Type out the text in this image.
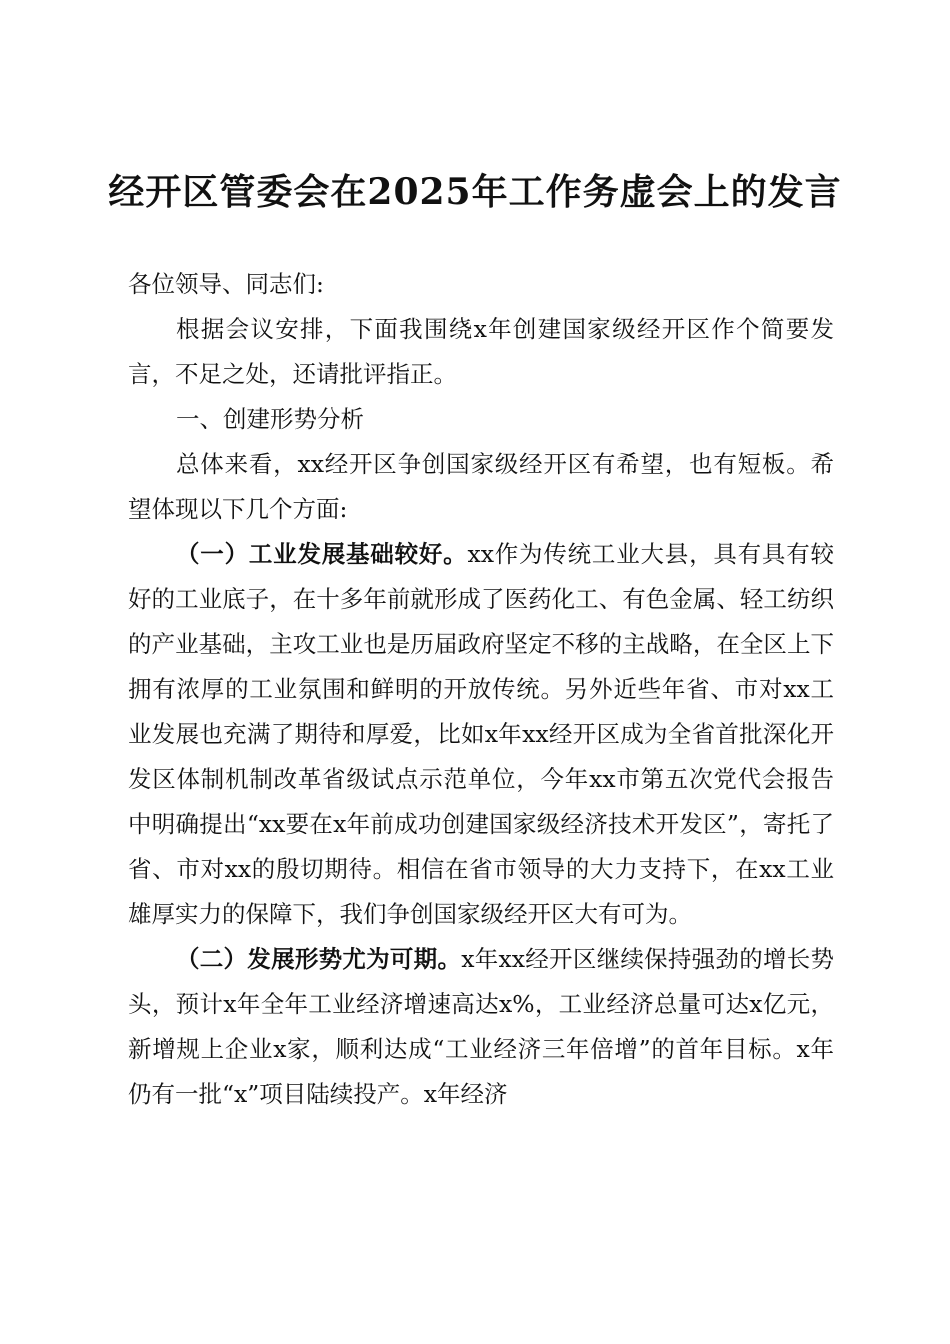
经开区管委会在2025年工作务虚会上的发言

各位领导、同志们:

根据会议安排，下面我围绕x年创建国家级经开区作个简要发言，不足之处，还请批评指正。

一、创建形势分析

总体来看，xx经开区争创国家级经开区有希望，也有短板。希望体现以下几个方面:

（一）工业发展基础较好。xx作为传统工业大县，具有具有较好的工业底子，在十多年前就形成了医药化工、有色金属、轻工纺织的产业基础，主攻工业也是历届政府坚定不移的主战略，在全区上下拥有浓厚的工业氛围和鲜明的开放传统。另外近些年省、市对xx工业发展也充满了期待和厚爱，比如x年xx经开区成为全省首批深化开发区体制机制改革省级试点示范单位，今年xx市第五次党代会报告中明确提出“xx要在x年前成功创建国家级经济技术开发区”，寄托了省、市对xx的殷切期待。相信在省市领导的大力支持下，在xx工业雄厚实力的保障下，我们争创国家级经开区大有可为。

（二）发展形势尤为可期。x年xx经开区继续保持强劲的增长势头，预计x年全年工业经济增速高达x%，工业经济总量可达x亿元，新增规上企业x家，顺利达成“工业经济三年倍增”的首年目标。x年仍有一批“x”项目陆续投产。x年经济
